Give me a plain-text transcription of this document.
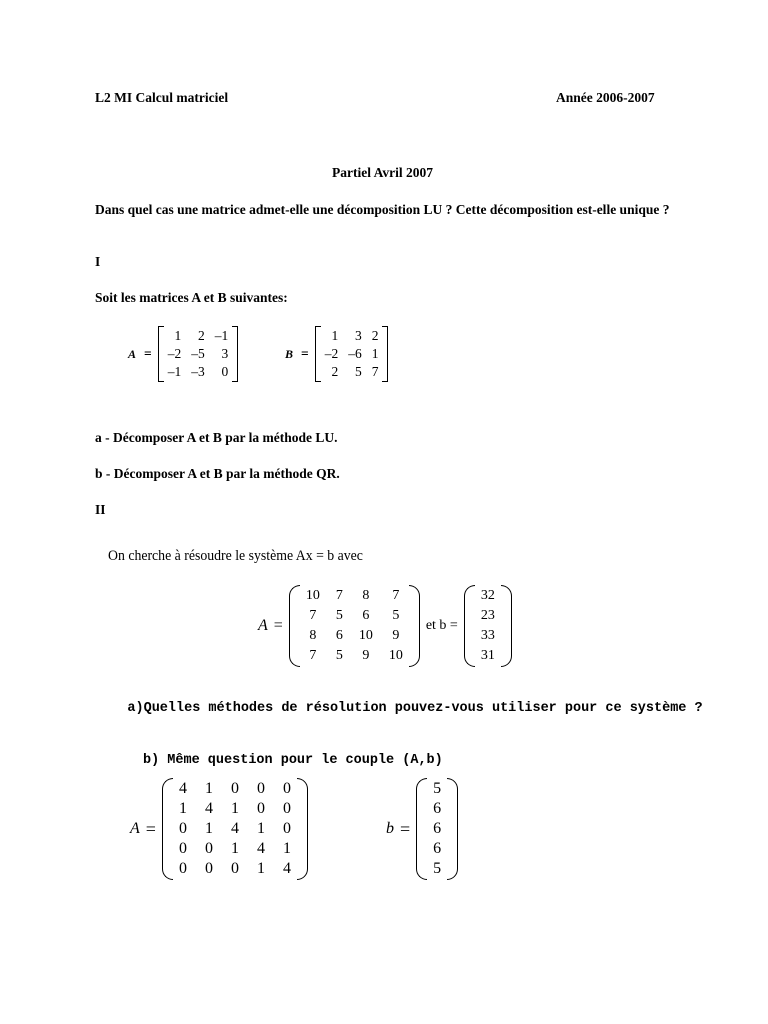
L2 MI Calcul matriciel	Année 2006-2007
Partiel Avril 2007
Dans quel cas une matrice admet-elle une décomposition LU ? Cette décomposition est-elle unique ?
I
Soit les matrices A et B suivantes:
A =
1	2 –1
–2 –5	3
–1 –3	0
B =
1	3 2
–2 –6 1
2	5 7
a - Décomposer A et B par la méthode LU.
b - Décomposer A et B par la méthode QR.
II
On cherche à résoudre le système Ax = b avec
A =
10 7 8 7
7 5 6 5
8 6 10 9
7 5 9 10
et b =
32
23
33
31
a)Quelles méthodes de résolution pouvez-vous utiliser pour ce système ?
b) Même question pour le couple (A,b)
A =
4 1 0 0 0
1 4 1 0 0
0 1 4 1 0
0 0 1 4 1
0 0 0 1 4
b =
5
6
6
6
5
